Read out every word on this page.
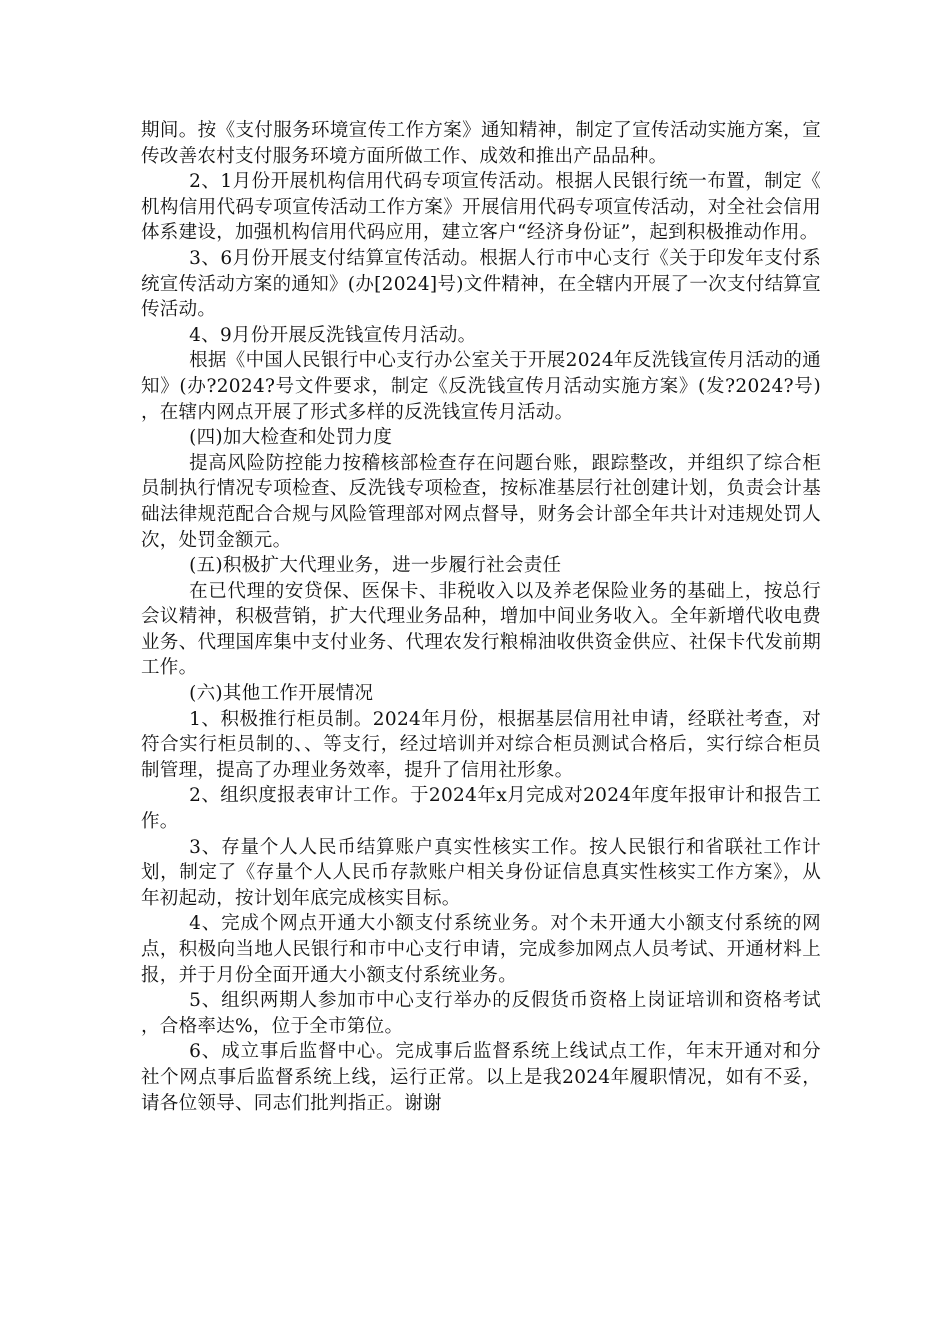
期间。按《支付服务环境宣传工作方案》通知精神，制定了宣传活动实施方案，宣传改善农村支付服务环境方面所做工作、成效和推出产品品种。

2、1月份开展机构信用代码专项宣传活动。根据人民银行统一布置，制定《机构信用代码专项宣传活动工作方案》开展信用代码专项宣传活动，对全社会信用体系建设，加强机构信用代码应用，建立客户“经济身份证”，起到积极推动作用。

3、6月份开展支付结算宣传活动。根据人行市中心支行《关于印发年支付系统宣传活动方案的通知》(办[2024]号)文件精神，在全辖内开展了一次支付结算宣传活动。

4、9月份开展反洗钱宣传月活动。

根据《中国人民银行中心支行办公室关于开展2024年反洗钱宣传月活动的通知》(办?2024?号文件要求，制定《反洗钱宣传月活动实施方案》(发?2024?号)，在辖内网点开展了形式多样的反洗钱宣传月活动。

(四)加大检查和处罚力度

提高风险防控能力按稽核部检查存在问题台账，跟踪整改，并组织了综合柜员制执行情况专项检查、反洗钱专项检查，按标准基层行社创建计划，负责会计基础法律规范配合合规与风险管理部对网点督导，财务会计部全年共计对违规处罚人次，处罚金额元。

(五)积极扩大代理业务，进一步履行社会责任

在已代理的安贷保、医保卡、非税收入以及养老保险业务的基础上，按总行会议精神，积极营销，扩大代理业务品种，增加中间业务收入。全年新增代收电费业务、代理国库集中支付业务、代理农发行粮棉油收供资金供应、社保卡代发前期工作。

(六)其他工作开展情况

1、积极推行柜员制。2024年月份，根据基层信用社申请，经联社考查，对符合实行柜员制的、、等支行，经过培训并对综合柜员测试合格后，实行综合柜员制管理，提高了办理业务效率，提升了信用社形象。

2、组织度报表审计工作。于2024年x月完成对2024年度年报审计和报告工作。

3、存量个人人民币结算账户真实性核实工作。按人民银行和省联社工作计划，制定了《存量个人人民币存款账户相关身份证信息真实性核实工作方案》，从年初起动，按计划年底完成核实目标。

4、完成个网点开通大小额支付系统业务。对个未开通大小额支付系统的网点，积极向当地人民银行和市中心支行申请，完成参加网点人员考试、开通材料上报，并于月份全面开通大小额支付系统业务。

5、组织两期人参加市中心支行举办的反假货币资格上岗证培训和资格考试，合格率达%，位于全市第位。

6、成立事后监督中心。完成事后监督系统上线试点工作，年末开通对和分社个网点事后监督系统上线，运行正常。以上是我2024年履职情况，如有不妥，请各位领导、同志们批判指正。谢谢
